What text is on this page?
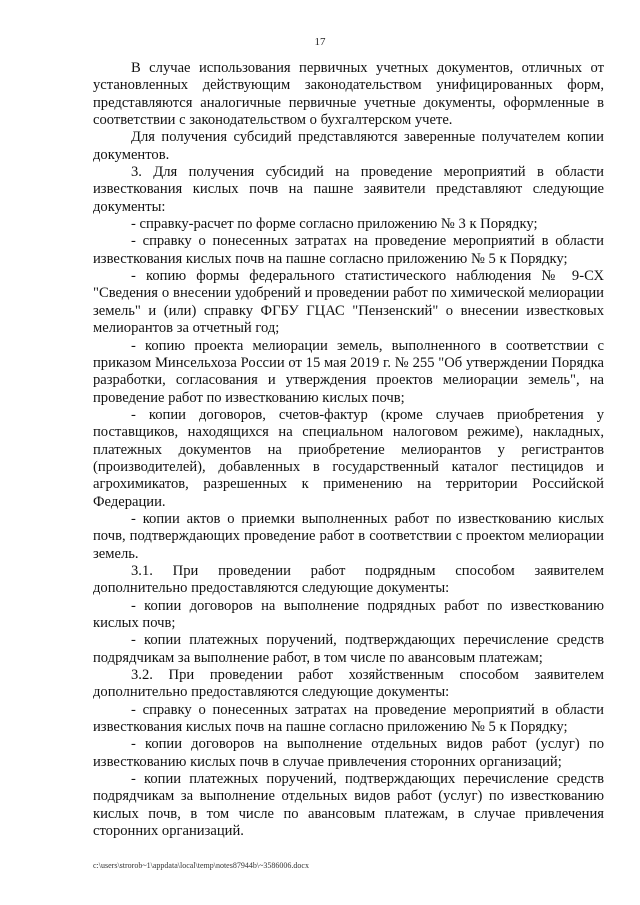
17

В случае использования первичных учетных документов, отличных от установленных действующим законодательством унифицированных форм, представляются аналогичные первичные учетные документы, оформленные в соответствии с законодательством о бухгалтерском учете.

Для получения субсидий представляются заверенные получателем копии документов.

3. Для получения субсидий на проведение мероприятий в области известкования кислых почв на пашне заявители представляют следующие документы:

- справку-расчет по форме согласно приложению № 3 к Порядку;

- справку о понесенных затратах на проведение мероприятий в области известкования кислых почв на пашне согласно приложению № 5 к Порядку;

- копию формы федерального статистического наблюдения № 9-СХ "Сведения о внесении удобрений и проведении работ по химической мелиорации земель" и (или) справку ФГБУ ГЦАС "Пензенский" о внесении известковых мелиорантов за отчетный год;

- копию проекта мелиорации земель, выполненного в соответствии с приказом Минсельхоза России от 15 мая 2019 г. № 255 "Об утверждении Порядка разработки, согласования и утверждения проектов мелиорации земель", на проведение работ по известкованию кислых почв;

- копии договоров, счетов-фактур (кроме случаев приобретения у поставщиков, находящихся на специальном налоговом режиме), накладных, платежных документов на приобретение мелиорантов у регистрантов (производителей), добавленных в государственный каталог пестицидов и агрохимикатов, разрешенных к применению на территории Российской Федерации.

- копии актов о приемки выполненных работ по известкованию кислых почв, подтверждающих проведение работ в соответствии с проектом мелиорации земель.

3.1. При проведении работ подрядным способом заявителем дополнительно предоставляются следующие документы:

- копии договоров на выполнение подрядных работ по известкованию кислых почв;

- копии платежных поручений, подтверждающих перечисление средств подрядчикам за выполнение работ, в том числе по авансовым платежам;

3.2. При проведении работ хозяйственным способом заявителем дополнительно предоставляются следующие документы:

- справку о понесенных затратах на проведение мероприятий в области известкования кислых почв на пашне согласно приложению № 5 к Порядку;

- копии договоров на выполнение отдельных видов работ (услуг) по известкованию кислых почв в случае привлечения сторонних организаций;

- копии платежных поручений, подтверждающих перечисление средств подрядчикам за выполнение отдельных видов работ (услуг) по известкованию кислых почв, в том числе по авансовым платежам, в случае привлечения сторонних организаций.

c:\users\strorob~1\appdata\local\temp\notes87944b\~3586006.docx
